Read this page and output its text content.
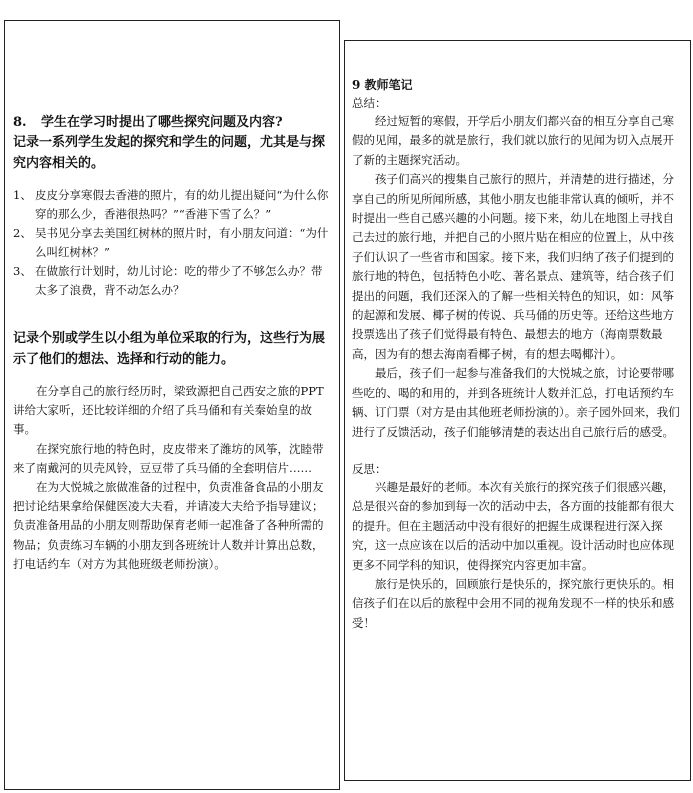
8. 学生在学习时提出了哪些探究问题及内容?

记录一系列学生发起的探究和学生的问题，尤其是与探究内容相关的。

1、 皮皮分享寒假去香港的照片，有的幼儿提出疑问“为什么你穿的那么少，香港很热吗？”“香港下雪了么？”
2、 吴书见分享去美国红树林的照片时，有小朋友问道：“为什么叫红树林？”
3、 在做旅行计划时，幼儿讨论：吃的带少了不够怎么办？带太多了浪费，背不动怎么办？

记录个别或学生以小组为单位采取的行为，这些行为展示了他们的想法、选择和行动的能力。

在分享自己的旅行经历时，梁致源把自己西安之旅的PPT讲给大家听，还比较详细的介绍了兵马俑和有关秦始皇的故事。

在探究旅行地的特色时，皮皮带来了潍坊的风筝，沈睦带来了南戴河的贝壳风铃，豆豆带了兵马俑的全套明信片……

在为大悦城之旅做准备的过程中，负责准备食品的小朋友把讨论结果拿给保健医凌大夫看，并请凌大夫给予指导建议；负责准备用品的小朋友则帮助保育老师一起准备了各种所需的物品；负责练习车辆的小朋友到各班统计人数并计算出总数，打电话约车（对方为其他班级老师扮演）。

9 教师笔记

总结：

经过短暂的寒假，开学后小朋友们都兴奋的相互分享自己寒假的见闻，最多的就是旅行，我们就以旅行的见闻为切入点展开了新的主题探究活动。

孩子们高兴的搜集自己旅行的照片，并清楚的进行描述，分享自己的所见所闻所感，其他小朋友也能非常认真的倾听，并不时提出一些自己感兴趣的小问题。接下来，幼儿在地图上寻找自己去过的旅行地，并把自己的小照片贴在相应的位置上，从中孩子们认识了一些省市和国家。接下来，我们归纳了孩子们提到的旅行地的特色，包括特色小吃、著名景点、建筑等，结合孩子们提出的问题，我们还深入的了解一些相关特色的知识，如：风筝的起源和发展、椰子树的传说、兵马俑的历史等。还给这些地方投票选出了孩子们觉得最有特色、最想去的地方（海南票数最高，因为有的想去海南看椰子树，有的想去喝椰汁）。

最后，孩子们一起参与准备我们的大悦城之旅，讨论要带哪些吃的、喝的和用的，并到各班统计人数并汇总，打电话预约车辆、订门票（对方是由其他班老师扮演的）。亲子园外回来，我们进行了反馈活动，孩子们能够清楚的表达出自己旅行后的感受。

反思：

兴趣是最好的老师。本次有关旅行的探究孩子们很感兴趣，总是很兴奋的参加到每一次的活动中去，各方面的技能都有很大的提升。但在主题活动中没有很好的把握生成课程进行深入探究，这一点应该在以后的活动中加以重视。设计活动时也应体现更多不同学科的知识，使得探究内容更加丰富。

旅行是快乐的，回顾旅行是快乐的，探究旅行更快乐的。相信孩子们在以后的旅程中会用不同的视角发现不一样的快乐和感受！
